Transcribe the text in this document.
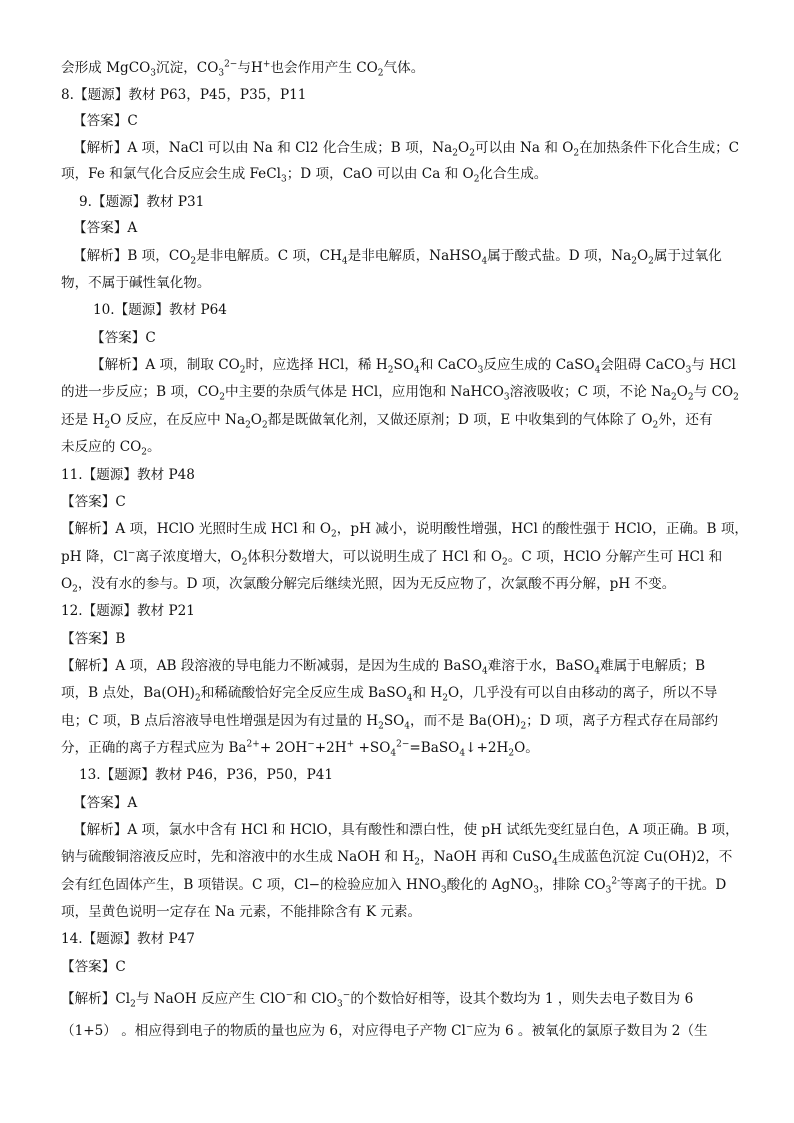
会形成 MgCO$_3$沉淀，$CO_3^{2-}$与H+也会作用产生 $CO_2$气体。
8.【题源】教材 P63，P45，P35，P11
【答案】C
【解析】A 项，NaCl 可以由 Na 和 Cl2 化合生成；B 项，$Na_2O_2$可以由 Na 和 $O_2$在加热条件下化合生成；C
项，Fe 和氯气化合反应会生成 FeCl$_3$；D 项，CaO 可以由 Ca 和 $O_2$化合生成。
9.【题源】教材 P31
【答案】A
【解析】B 项，$CO_2$是非电解质。C 项，$CH_4$是非电解质，NaHSO$_4$属于酸式盐。D 项，$Na_2O_2$属于过氧化
物，不属于碱性氧化物。
10.【题源】教材 P64
【答案】C
【解析】A 项，制取 $CO_2$时，应选择 HCl，稀 $H_2SO_4$和 CaCO$_3$反应生成的 CaSO$_4$会阻碍 CaCO$_3$与 HCl
的进一步反应；B 项，$CO_2$中主要的杂质气体是 HCl，应用饱和 NaHCO$_3$溶液吸收；C 项，不论 $Na_2O_2$与 $CO_2$
还是 $H_2O$ 反应，在反应中 $Na_2O_2$都是既做氧化剂，又做还原剂；D 项，E 中收集到的气体除了 $O_2$外，还有
未反应的 $CO_2$。
11.【题源】教材 P48
【答案】C
【解析】A 项，HClO 光照时生成 HCl 和 $O_2$，pH 减小，说明酸性增强，HCl 的酸性强于 HClO，正确。B 项，
pH 降，Cl−离子浓度增大，$O_2$体积分数增大，可以说明生成了 HCl 和 $O_2$。C 项，HClO 分解产生可 HCl 和
$O_2$，没有水的参与。D 项，次氯酸分解完后继续光照，因为无反应物了，次氯酸不再分解，pH 不变。
12.【题源】教材 P21
【答案】B
【解析】A 项，AB 段溶液的导电能力不断减弱，是因为生成的 BaSO$_4$难溶于水，BaSO$_4$难属于电解质；B
项，B 点处，$Ba(OH)_2$和稀硫酸恰好完全反应生成 BaSO$_4$和 $H_2O$，几乎没有可以自由移动的离子，所以不导
电；C 项，B 点后溶液导电性增强是因为有过量的 $H_2SO_4$，而不是 $Ba(OH)_2$；D 项，离子方程式存在局部约
分，正确的离子方程式应为 $Ba^{2+}+ 2OH^-+2H^+$ $+SO_4^{2-}=BaSO_4↓+2H_2O$。
13.【题源】教材 P46，P36，P50，P41
【答案】A
【解析】A 项，氯水中含有 HCl 和 HClO，具有酸性和漂白性，使 pH 试纸先变红显白色，A 项正确。B 项，
钠与硫酸铜溶液反应时，先和溶液中的水生成 NaOH 和 $H_2$，NaOH 再和 CuSO$_4$生成蓝色沉淀 Cu(OH)2，不
会有红色固体产生，B 项错误。C 项，Cl−的检验应加入 $HNO_3$酸化的 AgNO$_3$，排除 $CO_3^{2-}$等离子的干扰。D
项，呈黄色说明一定存在 Na 元素，不能排除含有 K 元素。
14.【题源】教材 P47
【答案】C
【解析】$Cl_2$与 NaOH 反应产生 ClO−和 ClO$_3$−的个数恰好相等，设其个数均为 1 ，则失去电子数目为 6
（1+5） 。相应得到电子的物质的量也应为 6，对应得电子产物 Cl−应为 6 。被氧化的氯原子数目为 2（生
